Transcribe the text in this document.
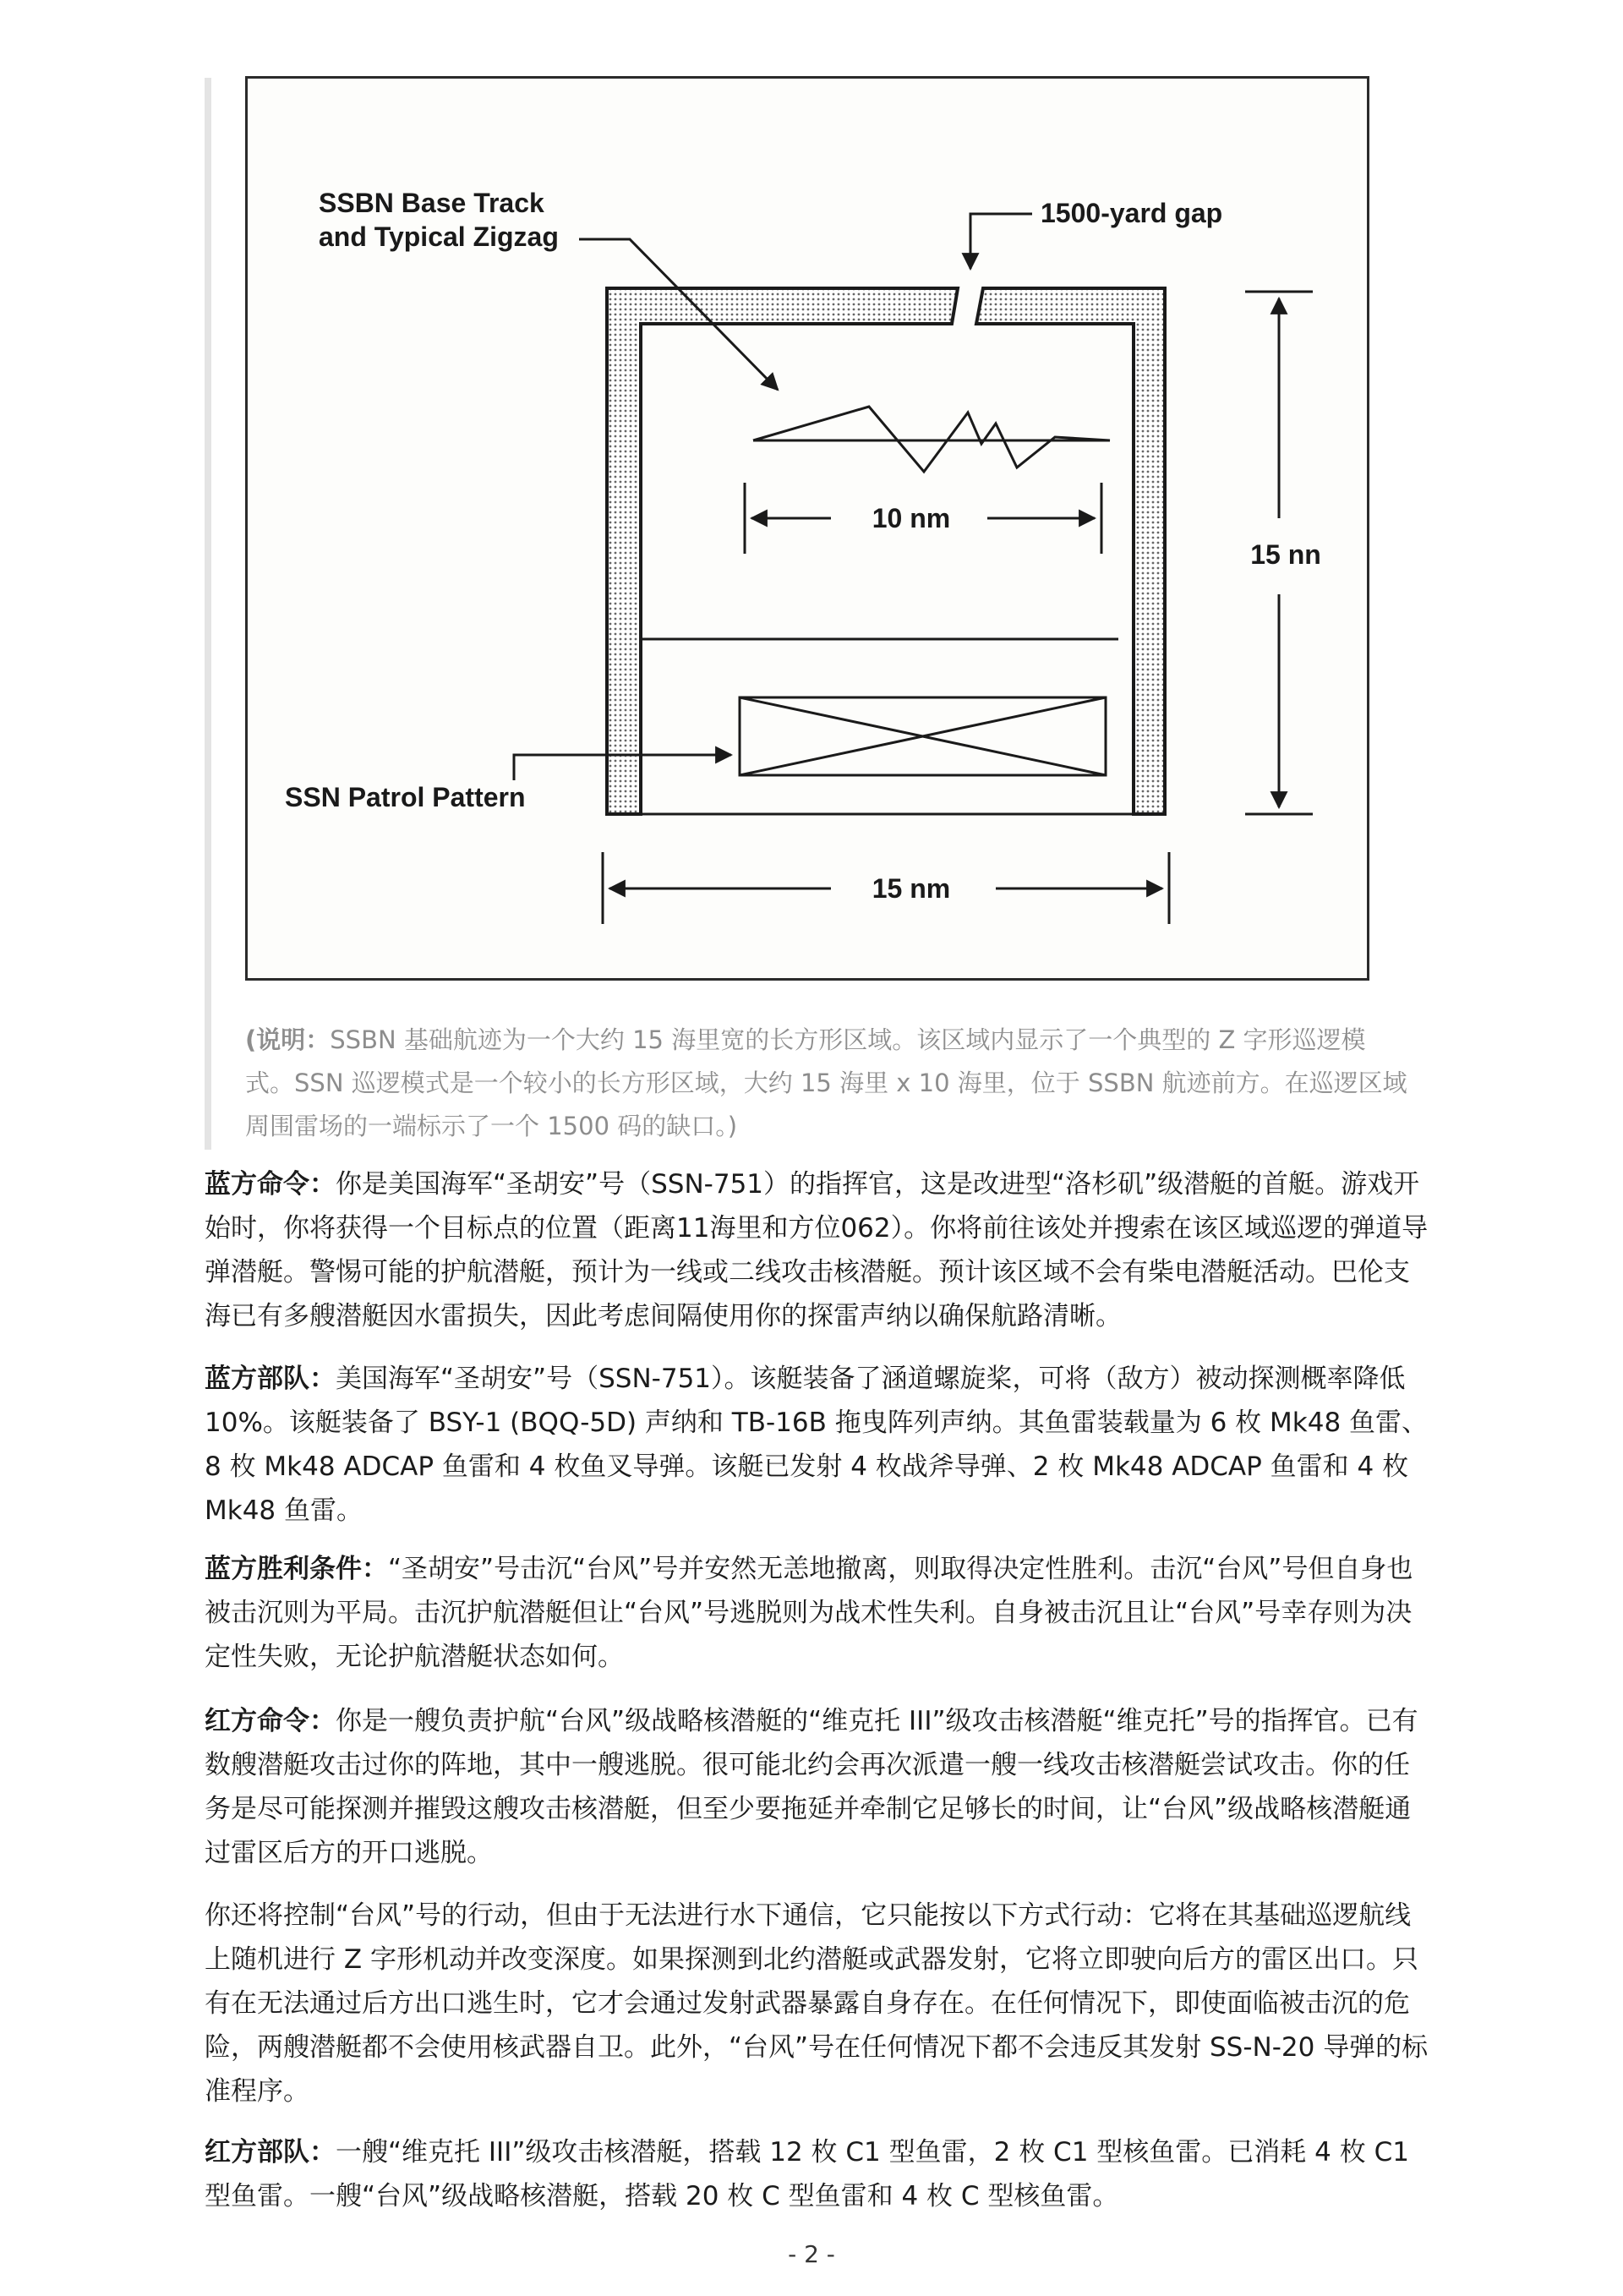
10 nm
15 nm
15 nn
SSBN Base Track
and Typical Zigzag
1500-yard gap
SSN Patrol Pattern
(说明：SSBN 基础航迹为一个大约 15 海里宽的长方形区域。该区域内显示了一个典型的 Z 字形巡逻模式。SSN 巡逻模式是一个较小的长方形区域，大约 15 海里 x 10 海里，位于 SSBN 航迹前方。在巡逻区域周围雷场的一端标示了一个 1500 码的缺口。)
蓝方命令：你是美国海军“圣胡安”号（SSN-751）的指挥官，这是改进型“洛杉矶”级潜艇的首艇。游戏开始时，你将获得一个目标点的位置（距离11海里和方位062）。你将前往该处并搜索在该区域巡逻的弹道导弹潜艇。警惕可能的护航潜艇，预计为一线或二线攻击核潜艇。预计该区域不会有柴电潜艇活动。巴伦支海已有多艘潜艇因水雷损失，因此考虑间隔使用你的探雷声纳以确保航路清晰。
蓝方部队：美国海军“圣胡安”号（SSN-751）。该艇装备了涵道螺旋桨，可将（敌方）被动探测概率降低 10%。该艇装备了 BSY-1 (BQQ-5D) 声纳和 TB-16B 拖曳阵列声纳。其鱼雷装载量为 6 枚 Mk48 鱼雷、8 枚 Mk48 ADCAP 鱼雷和 4 枚鱼叉导弹。该艇已发射 4 枚战斧导弹、2 枚 Mk48 ADCAP 鱼雷和 4 枚 Mk48 鱼雷。
蓝方胜利条件：“圣胡安”号击沉“台风”号并安然无恙地撤离，则取得决定性胜利。击沉“台风”号但自身也被击沉则为平局。击沉护航潜艇但让“台风”号逃脱则为战术性失利。自身被击沉且让“台风”号幸存则为决定性失败，无论护航潜艇状态如何。
红方命令：你是一艘负责护航“台风”级战略核潜艇的“维克托 III”级攻击核潜艇“维克托”号的指挥官。已有数艘潜艇攻击过你的阵地，其中一艘逃脱。很可能北约会再次派遣一艘一线攻击核潜艇尝试攻击。你的任务是尽可能探测并摧毁这艘攻击核潜艇，但至少要拖延并牵制它足够长的时间，让“台风”级战略核潜艇通过雷区后方的开口逃脱。
你还将控制“台风”号的行动，但由于无法进行水下通信，它只能按以下方式行动：它将在其基础巡逻航线上随机进行 Z 字形机动并改变深度。如果探测到北约潜艇或武器发射，它将立即驶向后方的雷区出口。只有在无法通过后方出口逃生时，它才会通过发射武器暴露自身存在。在任何情况下，即使面临被击沉的危险，两艘潜艇都不会使用核武器自卫。此外，“台风”号在任何情况下都不会违反其发射 SS-N-20 导弹的标准程序。
红方部队：一艘“维克托 III”级攻击核潜艇，搭载 12 枚 C1 型鱼雷，2 枚 C1 型核鱼雷。已消耗 4 枚 C1 型鱼雷。一艘“台风”级战略核潜艇，搭载 20 枚 C 型鱼雷和 4 枚 C 型核鱼雷。
- 2 -
